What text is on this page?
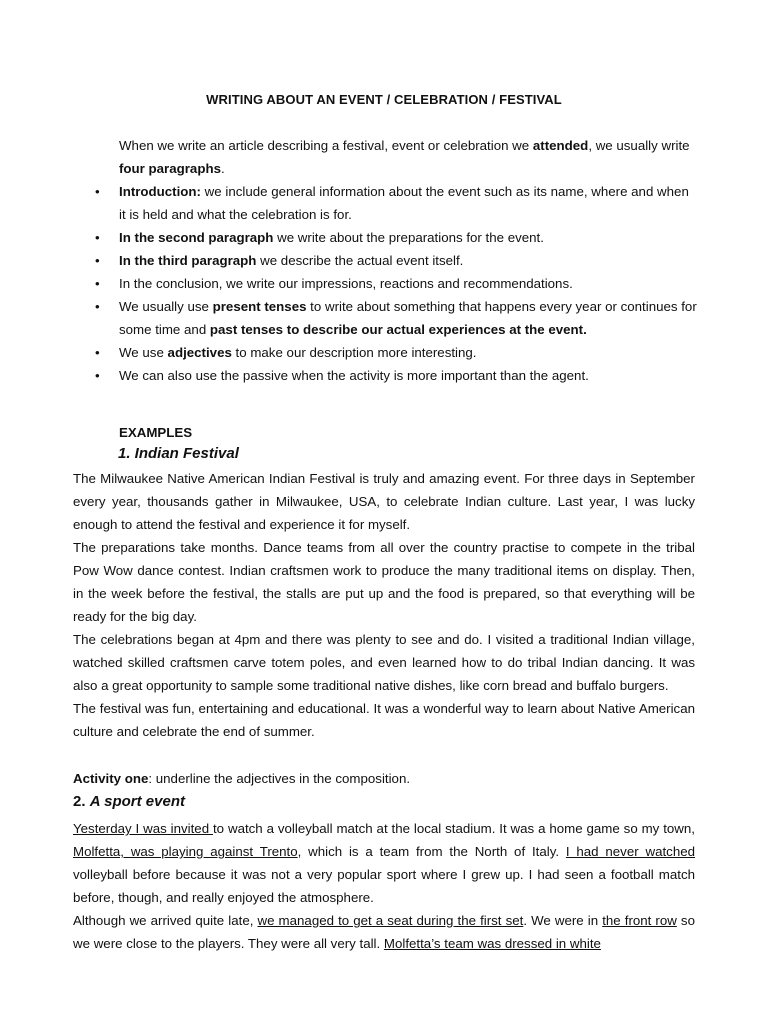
WRITING ABOUT AN EVENT / CELEBRATION / FESTIVAL
When we write an article describing a festival, event or celebration we attended, we usually write four paragraphs.
• Introduction: we include general information about the event such as its name, where and when it is held and what the celebration is for.
• In the second paragraph we write about the preparations for the event.
• In the third paragraph we describe the actual event itself.
• In the conclusion, we write our impressions, reactions and recommendations.
• We usually use present tenses to write about something that happens every year or continues for some time and past tenses to describe our actual experiences at the event.
• We use adjectives to make our description more interesting.
• We can also use the passive when the activity is more important than the agent.
EXAMPLES
1. Indian Festival

The Milwaukee Native American Indian Festival is truly and amazing event. For three days in September every year, thousands gather in Milwaukee, USA, to celebrate Indian culture. Last year, I was lucky enough to attend the festival and experience it for myself.

The preparations take months. Dance teams from all over the country practise to compete in the tribal Pow Wow dance contest. Indian craftsmen work to produce the many traditional items on display. Then, in the week before the festival, the stalls are put up and the food is prepared, so that everything will be ready for the big day.

The celebrations began at 4pm and there was plenty to see and do. I visited a traditional Indian village, watched skilled craftsmen carve totem poles, and even learned how to do tribal Indian dancing. It was also a great opportunity to sample some traditional native dishes, like corn bread and buffalo burgers.

The festival was fun, entertaining and educational. It was a wonderful way to learn about Native American culture and celebrate the end of summer.

Activity one: underline the adjectives in the composition.
2. A sport event

Yesterday I was invited to watch a volleyball match at the local stadium. It was a home game so my town, Molfetta, was playing against Trento, which is a team from the North of Italy. I had never watched volleyball before because it was not a very popular sport where I grew up. I had seen a football match before, though, and really enjoyed the atmosphere.

Although we arrived quite late, we managed to get a seat during the first set. We were in the front row so we were close to the players. They were all very tall. Molfetta’s team was dressed in white
